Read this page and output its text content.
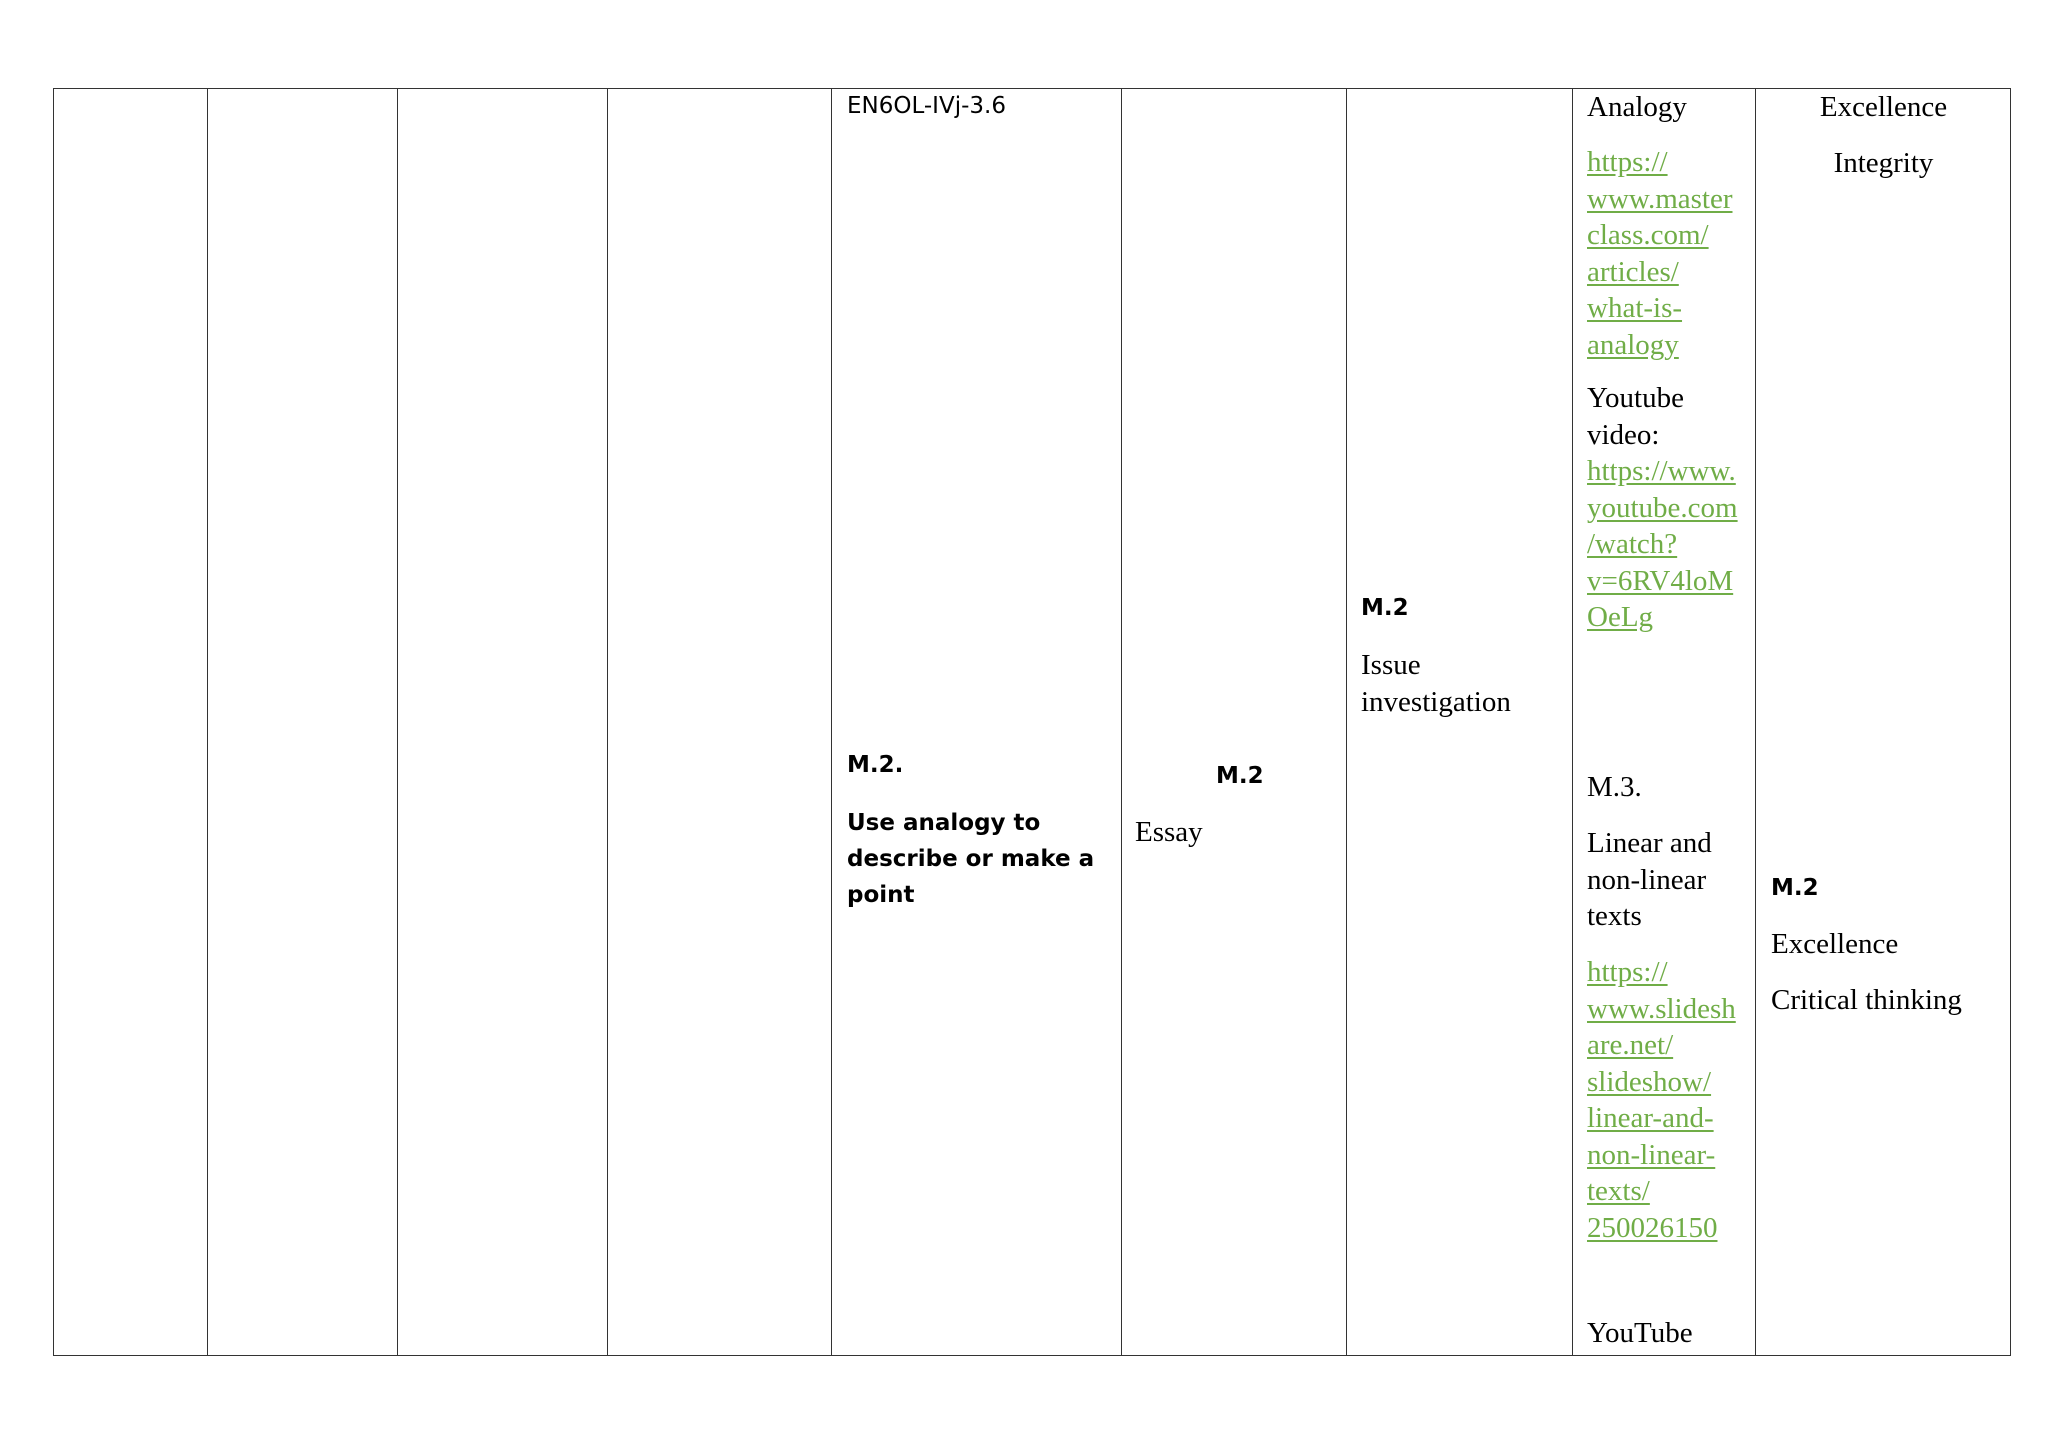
EN6OL-IVj-3.6

M.2.

Use analogy to
describe or make a
point

M.2

Essay

M.2

Issue
investigation

Analogy

https://
www.master
class.com/
articles/
what-is-
analogy

Youtube
video:

https://www.
youtube.com
/watch?
v=6RV4loM
OeLg

M.3.

Linear and
non-linear
texts

https://
www.slidesh
are.net/
slideshow/
linear-and-
non-linear-
texts/
250026150

YouTube

Excellence

Integrity

M.2

Excellence

Critical thinking
